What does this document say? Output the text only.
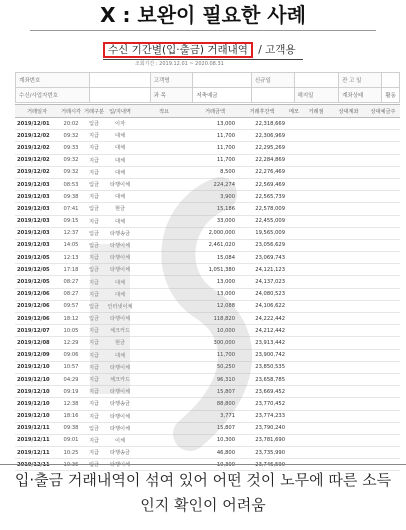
X : 보완이 필요한 사례
수신 기간별(입·출금) 거래내역 / 고객용
조회기간 : 2019.12.01 ~ 2020.08.31
계좌번호		고객명		신규일		잔 고 일	
수신/사업자번호		과 목	저축예금		해지일	계좌상태	활동
거래일자	거래시각	거래구분	입/지내역	적요	거래금액	거래후잔액	메모	거래점	상대계좌	상대예금주
2019/12/01	20:02	입금	이자		13,000	22,318,669				
2019/12/02	09:32	지급	대체		11,700	22,306,969				
2019/12/02	09:33	지급	대체		11,700	22,295,269				
2019/12/02	09:32	지급	대체		11,700	22,284,869				
2019/12/02	09:32	지급	대체		8,500	22,276,469				
2019/12/03	08:53	입금	타행이체		224,274	22,569,469				
2019/12/03	09:38	지급	대체		3,900	22,565,739				
2019/12/03	07:41	입금	현금		15,186	22,578,009				
2019/12/03	09:15	지급	대체		33,000	22,455,009				
2019/12/03	12:37	입금	타행송금		2,000,000	19,565,009				
2019/12/03	14:05	입금	타행이체		2,461,020	23,056,629				
2019/12/05	12:13	지급	타행이체		15,084	23,069,743				
2019/12/05	17:18	입금	타행이체		1,051,380	24,121,123				
2019/12/05	08:27	지급	대체		13,000	24,137,023				
2019/12/06	08:27	지급	대체		13,000	24,080,523				
2019/12/06	09:57	입금	인터넷이체		12,088	24,106,622				
2019/12/06	18:12	입금	타행이체		118,820	24,222,442				
2019/12/07	10:05	지급	체크카드		10,000	24,212,442				
2019/12/08	12:29	지급	현금		300,000	23,913,442				
2019/12/09	09:06	지급	대체		11,700	23,900,742				
2019/12/10	10:57	지급	타행이체		50,250	23,850,535				
2019/12/10	04:29	지급	체크카드		96,310	23,658,785				
2019/12/10	09:19	지급	타행이체		15,807	23,669,452				
2019/12/10	12:38	지급	타행송금		88,800	23,770,452				
2019/12/10	18:16	지급	타행이체		3,771	23,774,233				
2019/12/11	09:38	입금	타행이체		15,807	23,790,240				
2019/12/11	09:01	지급	이체		10,300	23,781,690				
2019/12/11	10:25	지급	타행송금		46,800	23,735,990				
2019/12/11	10:36	입금	타행이체		10,300	23,746,590				
입·출금 거래내역이 섞여 있어 어떤 것이 노무에 따른 소득인지 확인이 어려움
